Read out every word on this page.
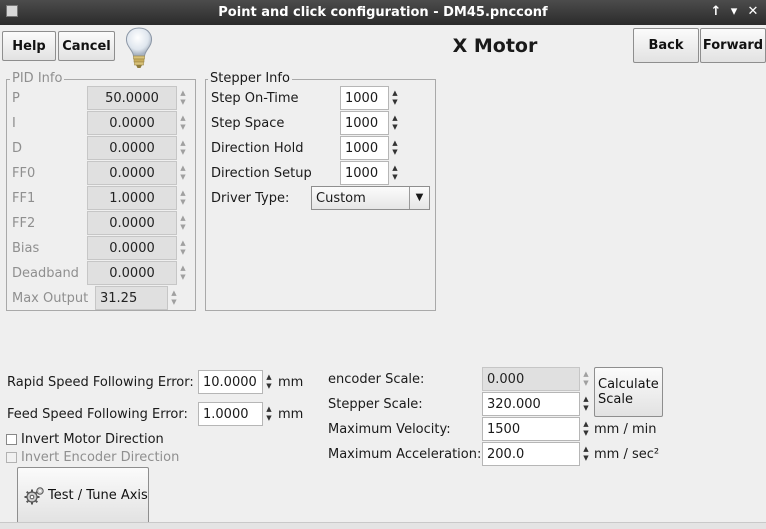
Point and click configuration - DM45.pncconf	↑ ▾ ✕
Help	Cancel	X Motor	Back	Forward
PID Info
P	50.0000	▲
▼
I	0.0000	▲
▼
D	0.0000	▲
▼
FF0	0.0000	▲
▼
FF1	1.0000	▲
▼
FF2	0.0000	▲
▼
Bias	0.0000	▲
▼
Deadband	0.0000	▲
▼
Max Output 31.25	▲
▼
Stepper Info
Step On-Time	1000	▲
▼
Step Space	1000	▲
▼
Direction Hold	1000	▲
▼
Direction Setup	1000	▲
▼
Driver Type: Custom	▼
Rapid Speed Following Error: 10.0000	▲
▼ mm
Feed Speed Following Error:	1.0000	▲
▼ mm
Invert Motor Direction
Invert Encoder Direction
Test / Tune Axis
encoder Scale:	0.000	▲
▼
Stepper Scale:	320.000	▲
▼
Calculate
Scale
Maximum Velocity:	1500	▲
▼ mm / min
Maximum Acceleration: 200.0	▲
▼ mm / sec²
